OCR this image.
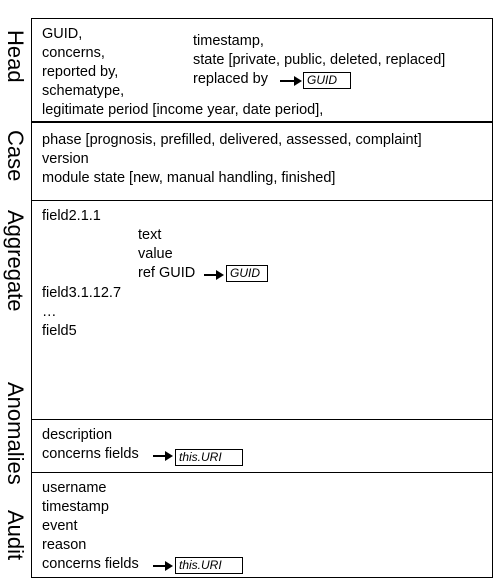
Head
Case
Aggregate
Anomalies
Audit
GUID,
concerns,
reported by,
schematype,
timestamp,
state [private, public, deleted, replaced]
replaced by	GUID
legitimate period [income year, date period],
phase [prognosis, prefilled, delivered, assessed, complaint]
version
module state [new, manual handling, finished]
field2.1.1
text
value
ref GUID	GUID
field3.1.12.7
…
field5
description
concerns fields	this.URI
username
timestamp
event
reason
concerns fields	this.URI
